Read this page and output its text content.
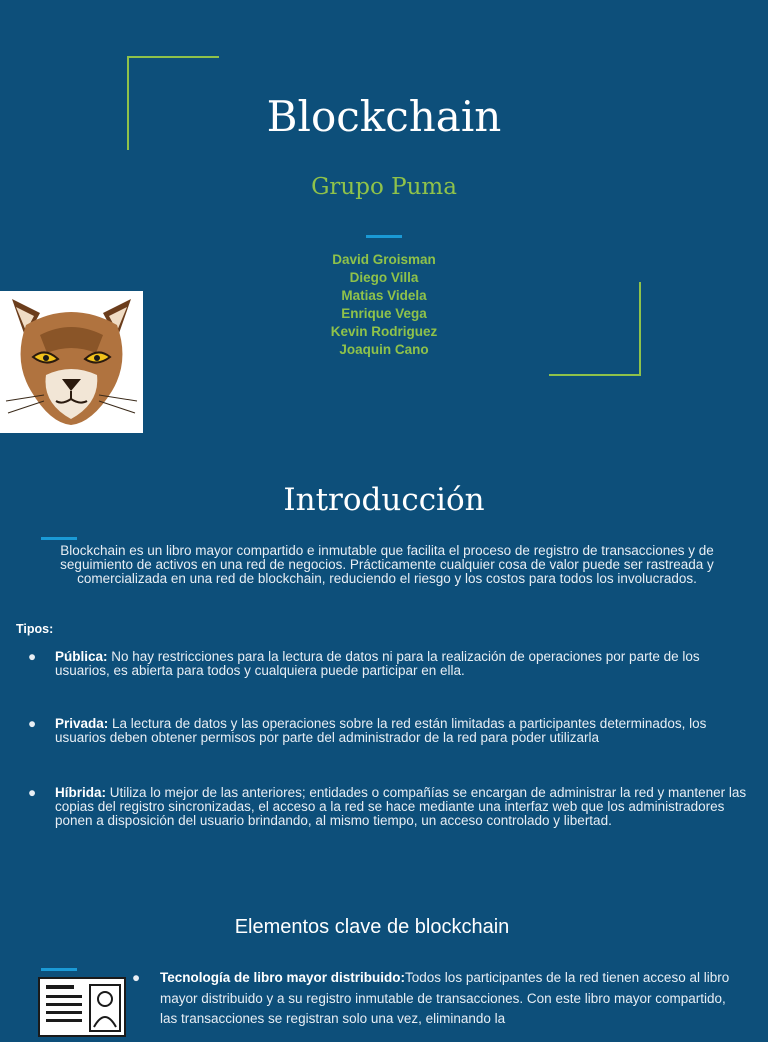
Blockchain
Grupo Puma
David Groisman
Diego Villa
Matias Videla
Enrique Vega
Kevin Rodriguez
Joaquin Cano
Introducción
Blockchain es un libro mayor compartido e inmutable que facilita el proceso de registro de transacciones y de seguimiento de activos en una red de negocios. Prácticamente cualquier cosa de valor puede ser rastreada y comercializada en una red de blockchain, reduciendo el riesgo y los costos para todos los involucrados.
Tipos:
● Pública: No hay restricciones para la lectura de datos ni para la realización de operaciones por parte de los usuarios, es abierta para todos y cualquiera puede participar en ella.
● Privada: La lectura de datos y las operaciones sobre la red están limitadas a participantes determinados, los usuarios deben obtener permisos por parte del administrador de la red para poder utilizarla
● Híbrida: Utiliza lo mejor de las anteriores; entidades o compañías se encargan de administrar la red y mantener las copias del registro sincronizadas, el acceso a la red se hace mediante una interfaz web que los administradores ponen a disposición del usuario brindando, al mismo tiempo, un acceso controlado y libertad.
Elementos clave de blockchain
● Tecnología de libro mayor distribuido:Todos los participantes de la red tienen acceso al libro mayor distribuido y a su registro inmutable de transacciones. Con este libro mayor compartido, las transacciones se registran solo una vez, eliminando la
